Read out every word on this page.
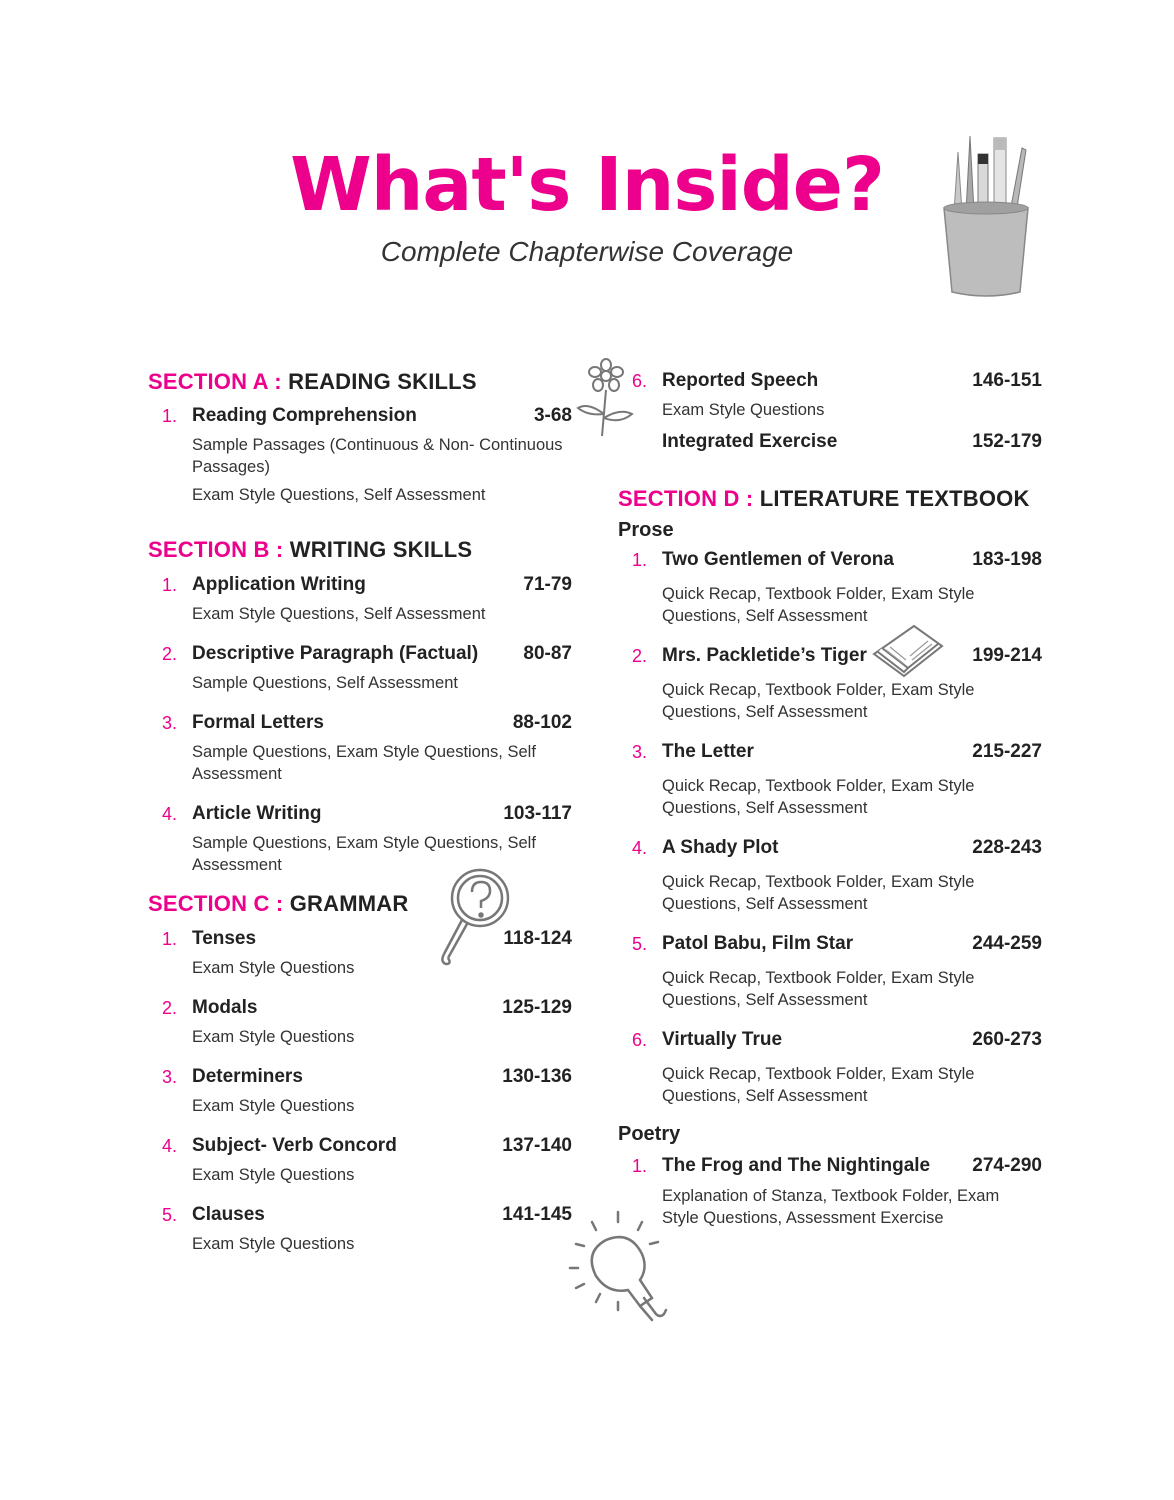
What's Inside?
Complete Chapterwise Coverage
SECTION A : READING SKILLS
1. Reading Comprehension	3-68
Sample Passages (Continuous & Non- Continuous Passages)
Exam Style Questions, Self Assessment
SECTION B : WRITING SKILLS
1. Application Writing	71-79
Exam Style Questions, Self Assessment
2. Descriptive Paragraph (Factual) 80-87
Sample Questions, Self Assessment
3. Formal Letters	88-102
Sample Questions, Exam Style Questions, Self Assessment
4. Article Writing	103-117
Sample Questions, Exam Style Questions, Self Assessment
SECTION C : GRAMMAR
1. Tenses	118-124
Exam Style Questions
2. Modals	125-129
Exam Style Questions
3. Determiners	130-136
Exam Style Questions
4. Subject- Verb Concord	137-140
Exam Style Questions
5. Clauses	141-145
Exam Style Questions
6. Reported Speech	146-151
Exam Style Questions
Integrated Exercise	152-179
SECTION D : LITERATURE TEXTBOOK
Prose
1. Two Gentlemen of Verona	183-198
Quick Recap, Textbook Folder, Exam Style Questions, Self Assessment
2. Mrs. Packletide’s Tiger	199-214
Quick Recap, Textbook Folder, Exam Style Questions, Self Assessment
3. The Letter	215-227
Quick Recap, Textbook Folder, Exam Style Questions, Self Assessment
4. A Shady Plot	228-243
Quick Recap, Textbook Folder, Exam Style Questions, Self Assessment
5. Patol Babu, Film Star	244-259
Quick Recap, Textbook Folder, Exam Style Questions, Self Assessment
6. Virtually True	260-273
Quick Recap, Textbook Folder, Exam Style Questions, Self Assessment
Poetry
1. The Frog and The Nightingale 274-290
Explanation of Stanza, Textbook Folder, Exam Style Questions, Assessment Exercise
